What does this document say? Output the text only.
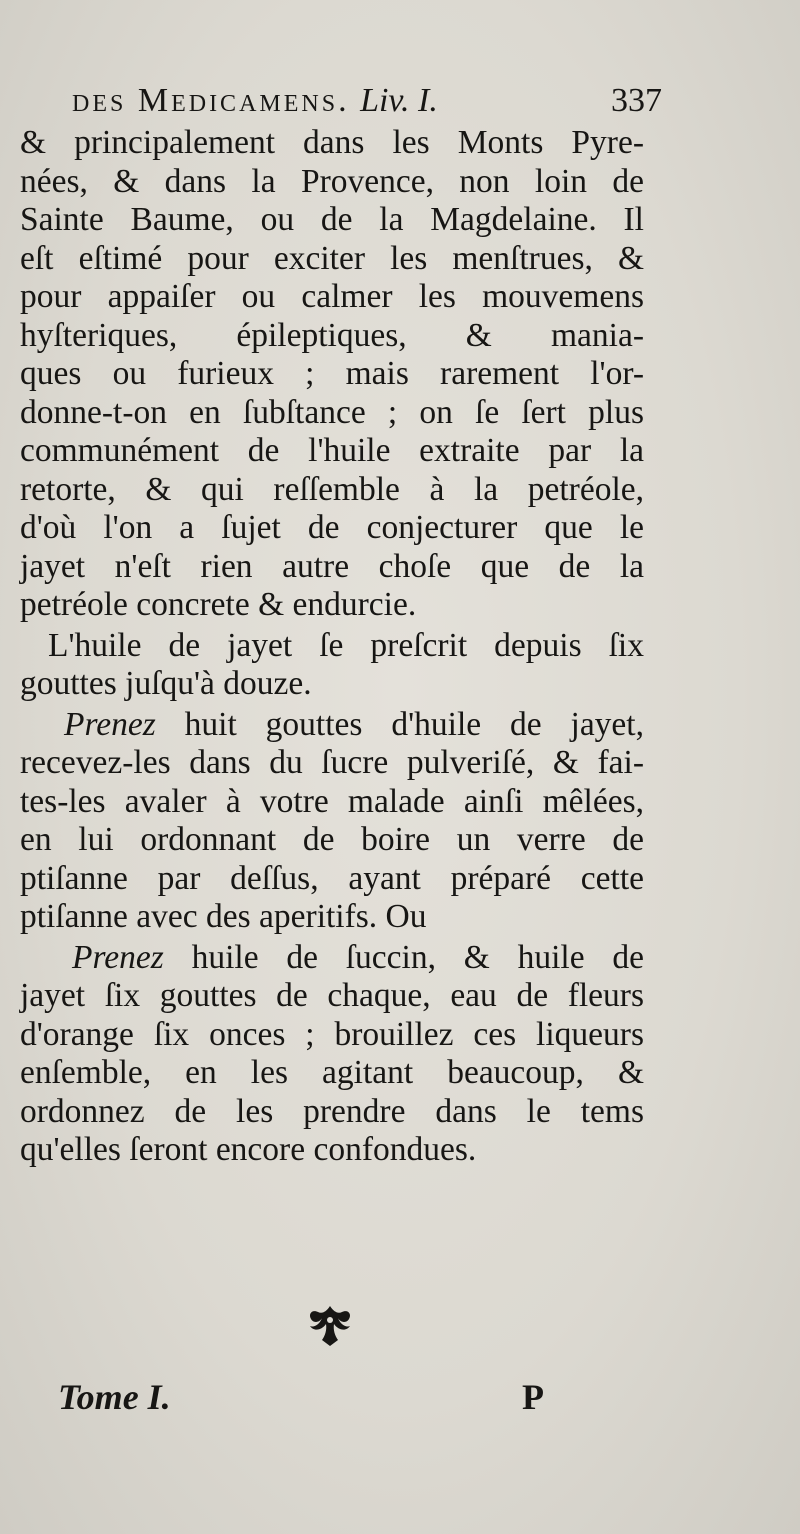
des Medicamens. Liv. I.	337
& principalement dans les Monts Pyre-
nées, & dans la Provence, non loin de
Sainte Baume, ou de la Magdelaine. Il
eſt eſtimé pour exciter les menſtrues, &
pour appaiſer ou calmer les mouvemens
hyſteriques, épileptiques, & mania-
ques ou furieux ; mais rarement l'or-
donne-t-on en ſubſtance ; on ſe ſert plus
communément de l'huile extraite par la
retorte, & qui reſſemble à la petréole,
d'où l'on a ſujet de conjecturer que le
jayet n'eſt rien autre choſe que de la
petréole concrete & endurcie.
L'huile de jayet ſe preſcrit depuis ſix
gouttes juſqu'à douze.
Prenez huit gouttes d'huile de jayet,
recevez-les dans du ſucre pulveriſé, & fai-
tes-les avaler à votre malade ainſi mêlées,
en lui ordonnant de boire un verre de
ptiſanne par deſſus, ayant préparé cette
ptiſanne avec des aperitifs. Ou
Prenez huile de ſuccin, & huile de
jayet ſix gouttes de chaque, eau de fleurs
d'orange ſix onces ; brouillez ces liqueurs
enſemble, en les agitant beaucoup, &
ordonnez de les prendre dans le tems
qu'elles ſeront encore confondues.
Tome I.	P
